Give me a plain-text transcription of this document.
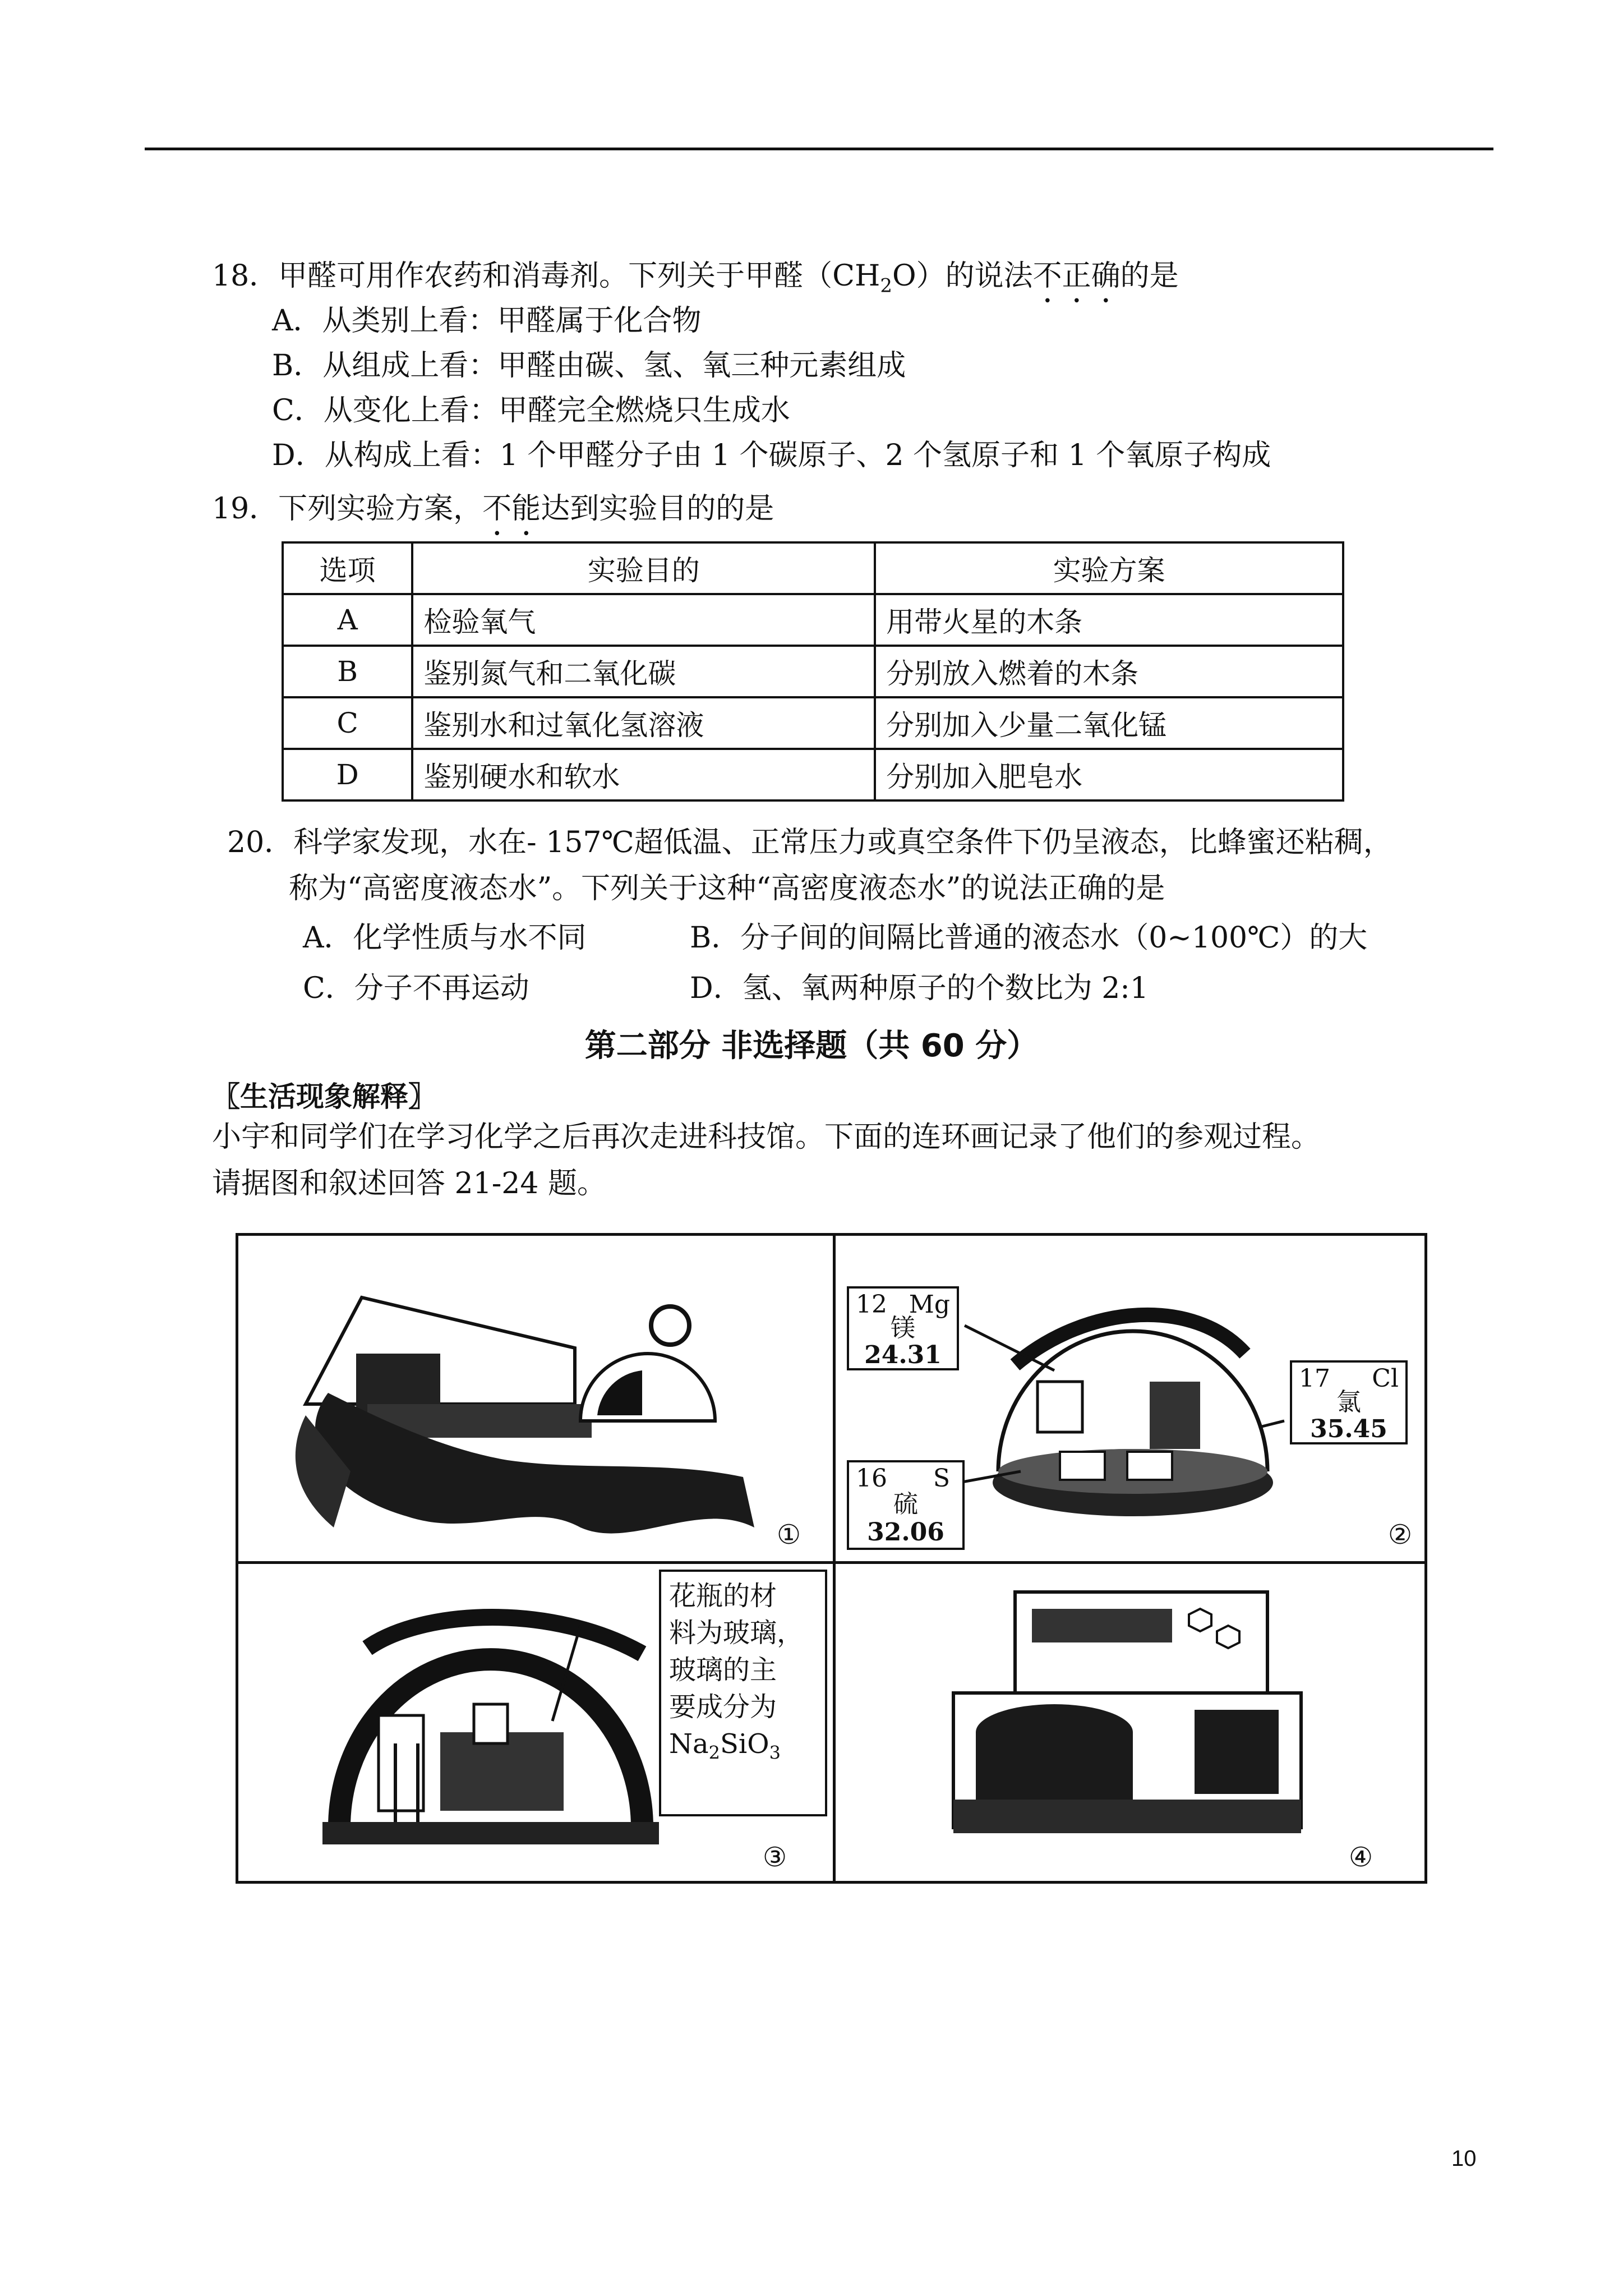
18．甲醛可用作农药和消毒剂。下列关于甲醛$(CH_2O)$的说法不正确的是
A．从类别上看：甲醛属于化合物
B．从组成上看：甲醛由碳、氢、氧三种元素组成
C．从变化上看：甲醛完全燃烧只生成水
D．从构成上看：1 个甲醛分子由 1 个碳原子、2 个氢原子和 1 个氧原子构成
19．下列实验方案，不能达到实验目的的是
选项	实验目的	实验方案
A	检验氧气	用带火星的木条
B	鉴别氮气和二氧化碳	分别放入燃着的木条
C	鉴别水和过氧化氢溶液	分别加入少量二氧化锰
D	鉴别硬水和软水	分别加入肥皂水
20．科学家发现，水在- 157℃超低温、正常压力或真空条件下仍呈液态，比蜂蜜还粘稠，
称为“高密度液态水”。下列关于这种“高密度液态水”的说法正确的是
A．化学性质与水不同	B．分子间的间隔比普通的液态水（0~100℃）的大
C．分子不再运动	D．氢、氧两种原子的个数比为 2:1
第二部分 非选择题（共 60 分）
〖生活现象解释〗
小宇和同学们在学习化学之后再次走进科技馆。下面的连环画记录了他们的参观过程。
请据图和叙述回答 21-24 题。
①
12 Mg
镁
24.31
17 Cl
氯
35.45
16 S
硫
32.06	②
花瓶的材
料为玻璃，
玻璃的主
要成分为
$Na_2SiO_3$
③	④
10
